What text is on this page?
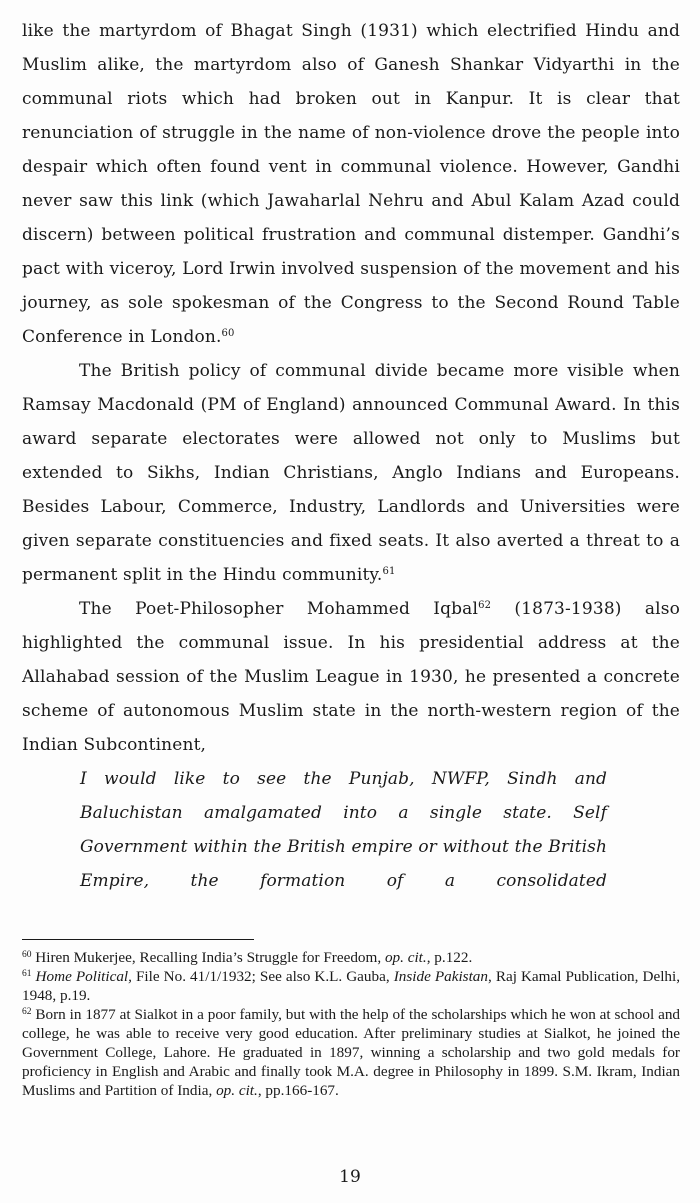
like the martyrdom of Bhagat Singh (1931) which electrified Hindu and Muslim alike, the martyrdom also of Ganesh Shankar Vidyarthi in the communal riots which had broken out in Kanpur. It is clear that renunciation of struggle in the name of non-violence drove the people into despair which often found vent in communal violence. However, Gandhi never saw this link (which Jawaharlal Nehru and Abul Kalam Azad could discern) between political frustration and communal distemper. Gandhi’s pact with viceroy, Lord Irwin involved suspension of the movement and his journey, as sole spokesman of the Congress to the Second Round Table Conference in London.$^{60}$

The British policy of communal divide became more visible when Ramsay Macdonald (PM of England) announced Communal Award. In this award separate electorates were allowed not only to Muslims but extended to Sikhs, Indian Christians, Anglo Indians and Europeans. Besides Labour, Commerce, Industry, Landlords and Universities were given separate constituencies and fixed seats. It also averted a threat to a permanent split in the Hindu community.$^{61}$

The Poet-Philosopher Mohammed Iqbal$^{62}$ (1873-1938) also highlighted the communal issue. In his presidential address at the Allahabad session of the Muslim League in 1930, he presented a concrete scheme of autonomous Muslim state in the north-western region of the Indian Subcontinent,

I would like to see the Punjab, NWFP, Sindh and Baluchistan amalgamated into a single state. Self Government within the British empire or without the British Empire, the formation of a consolidated

$^{60}$ Hiren Mukerjee, Recalling India’s Struggle for Freedom, op. cit., p.122.

$^{61}$ Home Political, File No. 41/1/1932; See also K.L. Gauba, Inside Pakistan, Raj Kamal Publication, Delhi, 1948, p.19.

$^{62}$ Born in 1877 at Sialkot in a poor family, but with the help of the scholarships which he won at school and college, he was able to receive very good education. After preliminary studies at Sialkot, he joined the Government College, Lahore. He graduated in 1897, winning a scholarship and two gold medals for proficiency in English and Arabic and finally took M.A. degree in Philosophy in 1899. S.M. Ikram, Indian Muslims and Partition of India, op. cit., pp.166-167.

19
